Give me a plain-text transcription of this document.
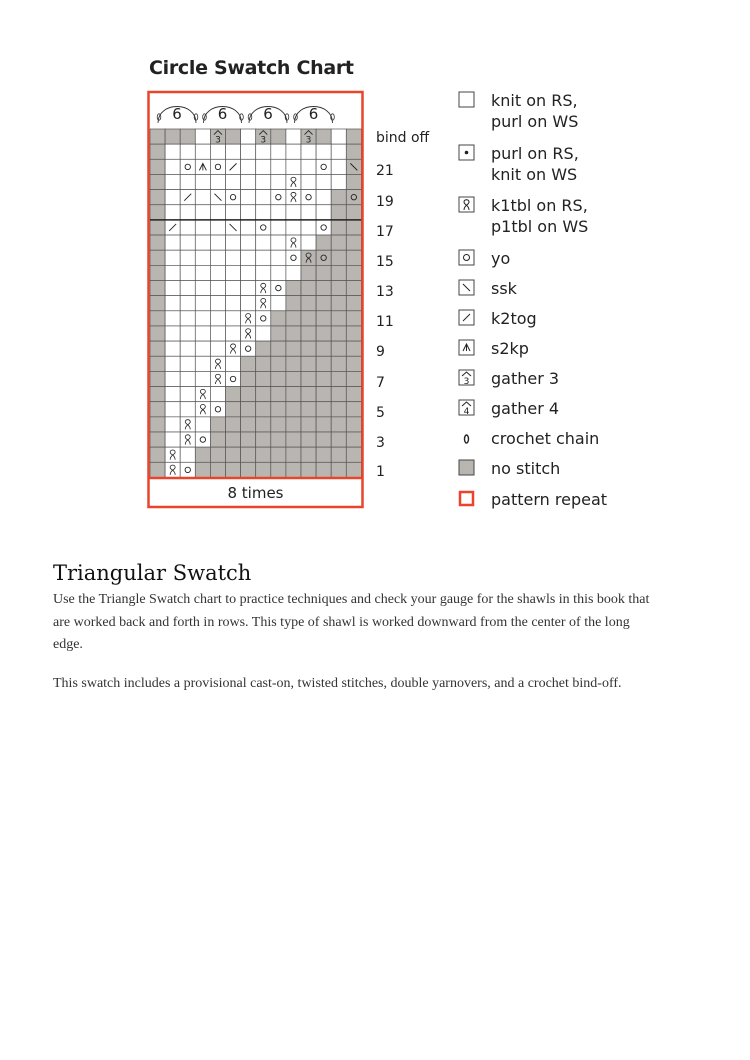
Circle Swatch Chart
3	3	3
6 6 6 6
8 times
bind off
21
19
17
15
13
11
9
7
5
3
1
knit on RS,
purl on WS
purl on RS,
knit on WS
k1tbl on RS,
p1tbl on WS
yo
ssk
k2tog
s2kp
3 gather 3
4 gather 4
crochet chain
no stitch
pattern repeat
Triangular Swatch
Use the Triangle Swatch chart to practice techniques and check your gauge for the shawls in this book that
are worked back and forth in rows. This type of shawl is worked downward from the center of the long
edge.
This swatch includes a provisional cast-on, twisted stitches, double yarnovers, and a crochet bind-off.
